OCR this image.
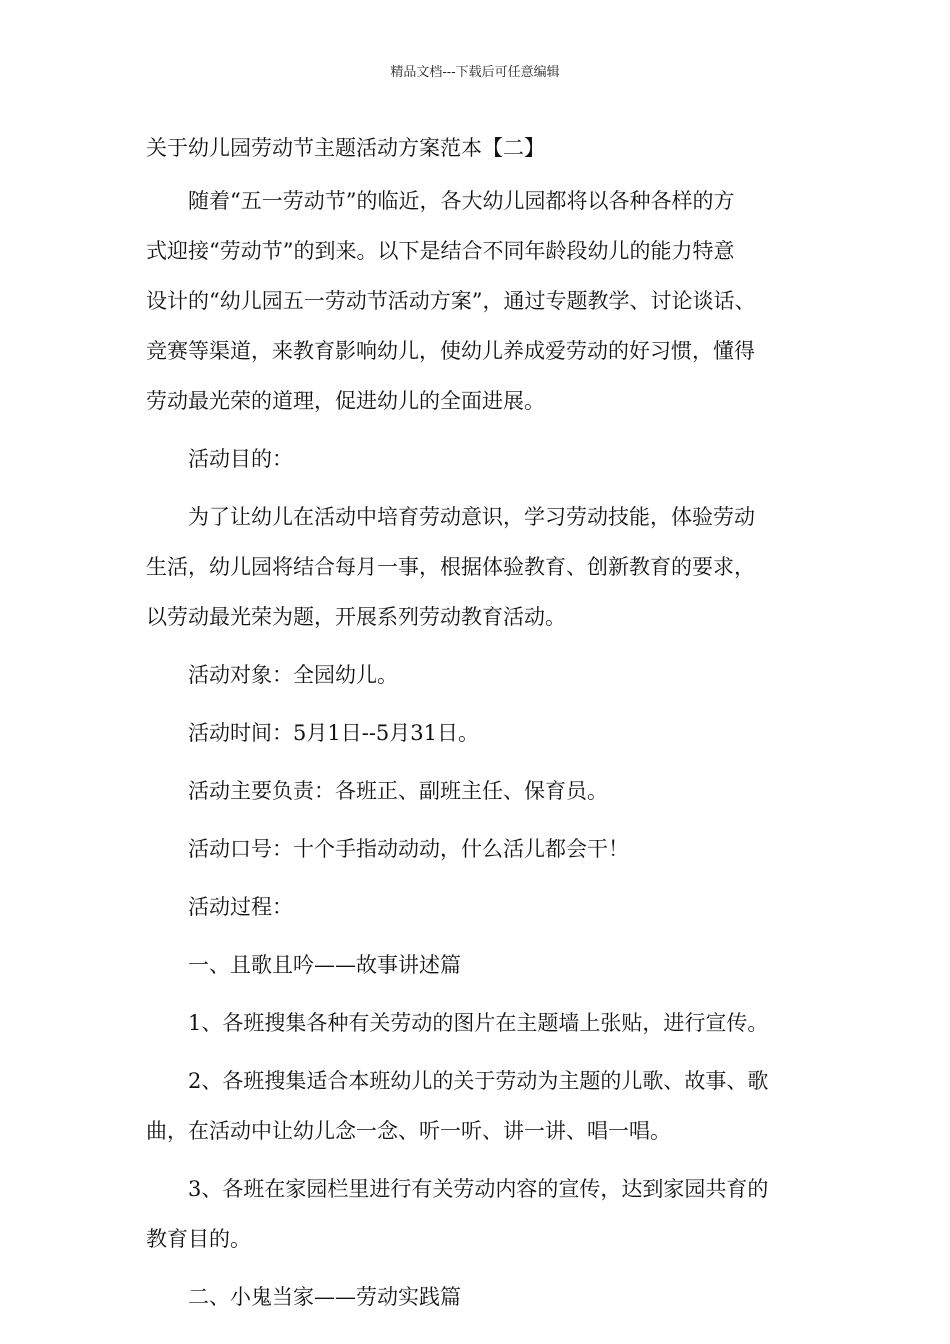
精品文档---下载后可任意编辑
关于幼儿园劳动节主题活动方案范本【二】
随着“五一劳动节”的临近，各大幼儿园都将以各种各样的方
式迎接“劳动节”的到来。以下是结合不同年龄段幼儿的能力特意
设计的“幼儿园五一劳动节活动方案”，通过专题教学、讨论谈话、
竞赛等渠道，来教育影响幼儿，使幼儿养成爱劳动的好习惯，懂得
劳动最光荣的道理，促进幼儿的全面进展。
活动目的：
为了让幼儿在活动中培育劳动意识，学习劳动技能，体验劳动
生活，幼儿园将结合每月一事，根据体验教育、创新教育的要求，
以劳动最光荣为题，开展系列劳动教育活动。
活动对象：全园幼儿。
活动时间：5月1日--5月31日。
活动主要负责：各班正、副班主任、保育员。
活动口号：十个手指动动动，什么活儿都会干！
活动过程：
一、且歌且吟——故事讲述篇
1、各班搜集各种有关劳动的图片在主题墙上张贴，进行宣传。
2、各班搜集适合本班幼儿的关于劳动为主题的儿歌、故事、歌
曲，在活动中让幼儿念一念、听一听、讲一讲、唱一唱。
3、各班在家园栏里进行有关劳动内容的宣传，达到家园共育的
教育目的。
二、小鬼当家——劳动实践篇
